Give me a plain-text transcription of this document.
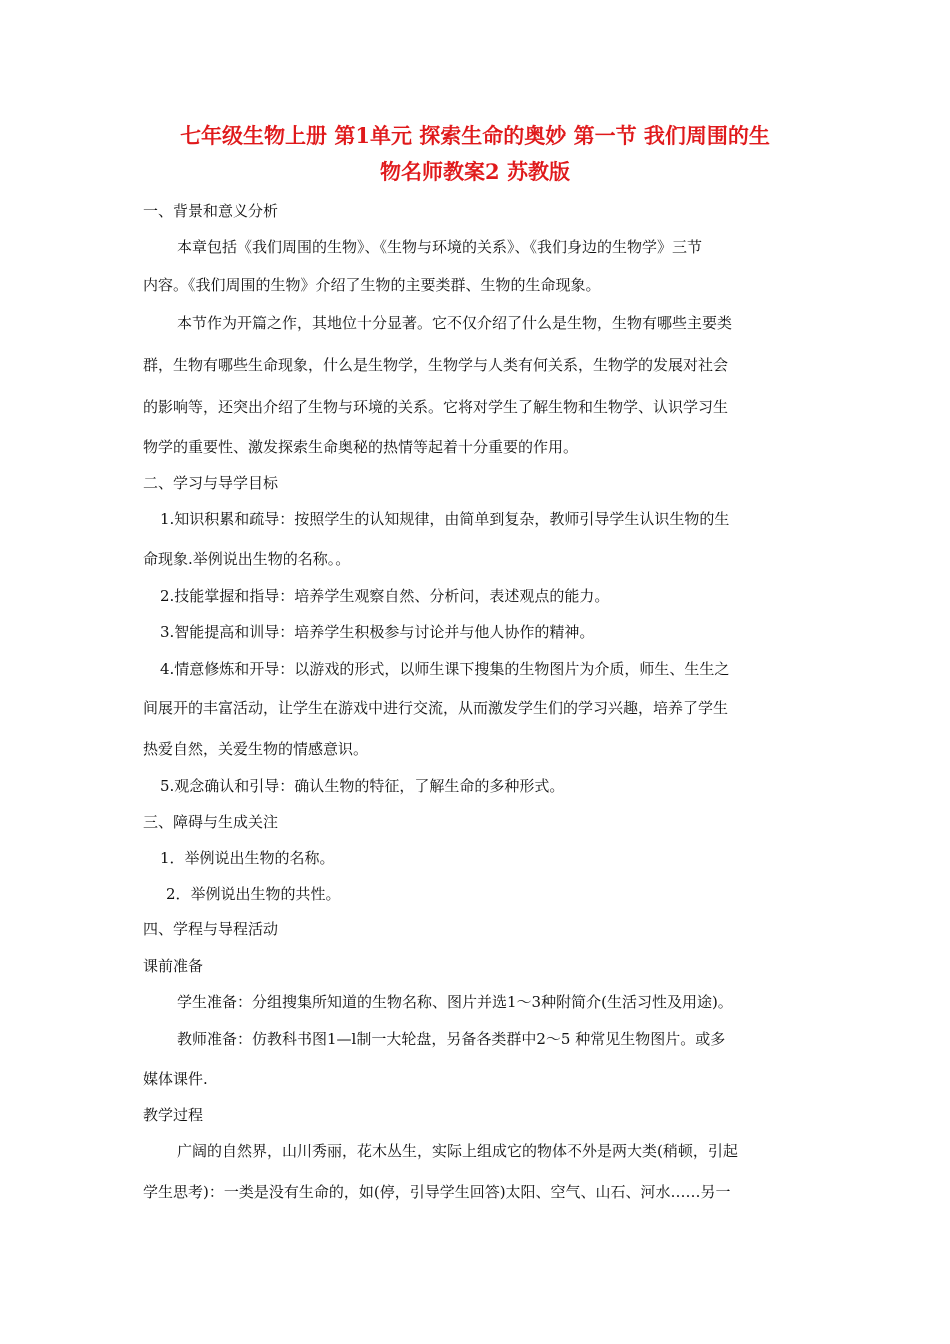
七年级生物上册 第1单元 探索生命的奥妙 第一节 我们周围的生
物名师教案2 苏教版

一、背景和意义分析

本章包括《我们周围的生物》、《生物与环境的关系》、《我们身边的生物学》三节

内容。《我们周围的生物》介绍了生物的主要类群、生物的生命现象。

本节作为开篇之作，其地位十分显著。它不仅介绍了什么是生物，生物有哪些主要类

群，生物有哪些生命现象，什么是生物学，生物学与人类有何关系，生物学的发展对社会

的影响等，还突出介绍了生物与环境的关系。它将对学生了解生物和生物学、认识学习生

物学的重要性、激发探索生命奥秘的热情等起着十分重要的作用。

二、学习与导学目标

1.知识积累和疏导：按照学生的认知规律，由简单到复杂，教师引导学生认识生物的生

命现象.举例说出生物的名称。。

2.技能掌握和指导：培养学生观察自然、分析问，表述观点的能力。

3.智能提高和训导：培养学生积极参与讨论并与他人协作的精神。

4.情意修炼和开导：以游戏的形式，以师生课下搜集的生物图片为介质，师生、生生之

间展开的丰富活动，让学生在游戏中进行交流，从而激发学生们的学习兴趣，培养了学生

热爱自然，关爱生物的情感意识。

5.观念确认和引导：确认生物的特征，了解生命的多种形式。

三、障碍与生成关注

1．举例说出生物的名称。

2．举例说出生物的共性。

四、学程与导程活动

课前准备

学生准备：分组搜集所知道的生物名称、图片并选1～3种附简介(生活习性及用途)。

教师准备：仿教科书图1—l制一大轮盘，另备各类群中2～5 种常见生物图片。或多

媒体课件.

教学过程

广阔的自然界，山川秀丽，花木丛生，实际上组成它的物体不外是两大类(稍顿，引起

学生思考)：一类是没有生命的，如(停，引导学生回答)太阳、空气、山石、河水……另一
